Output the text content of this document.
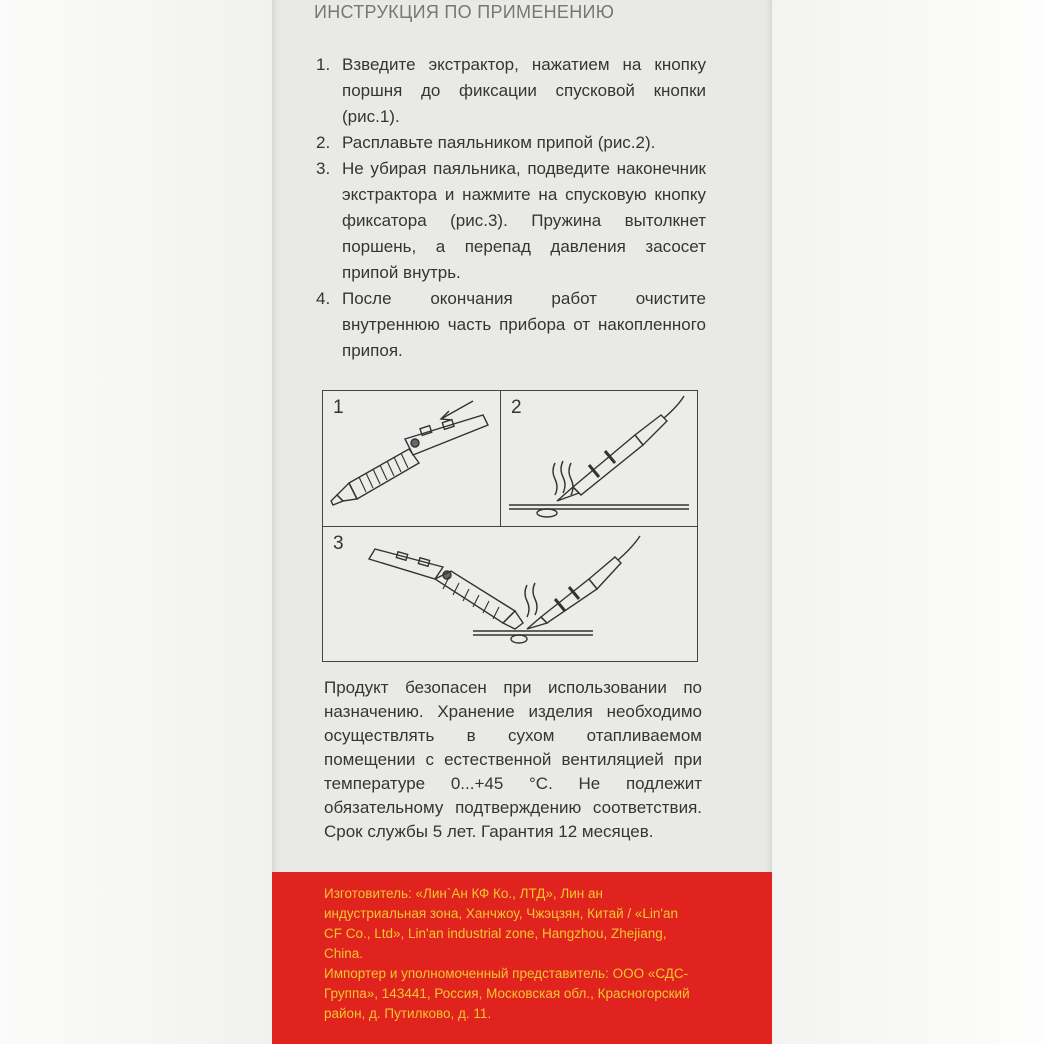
ИНСТРУКЦИЯ ПО ПРИМЕНЕНИЮ
1. Взведите экстрактор, нажатием на кнопку поршня до фиксации спусковой кнопки (рис.1).
2. Расплавьте паяльником припой (рис.2).
3. Не убирая паяльника, подведите наконечник экстрактора и нажмите на спусковую кнопку фиксатора (рис.3). Пружина вытолкнет поршень, а перепад давления засосет припой внутрь.
4. После окончания работ очистите внутреннюю часть прибора от накопленного припоя.
1	2
3
Продукт безопасен при использовании по назначению. Хранение изделия необходимо осуществлять в сухом отапливаемом помещении с естественной вентиляцией при температуре 0...+45 °С. Не подлежит обязательному подтверждению соответствия. Срок службы 5 лет. Гарантия 12 месяцев.

Изготовитель: «Лин`Ан КФ Ко., ЛТД», Лин ан индустриальная зона, Ханчжоу, Чжэцзян, Китай / «Lin'an CF Co., Ltd», Lin'an industrial zone, Hangzhou, Zhejiang, China.

Импортер и уполномоченный представитель: ООО «СДС-Группа», 143441, Россия, Московская обл., Красногорский район, д. Путилково, д. 11.
